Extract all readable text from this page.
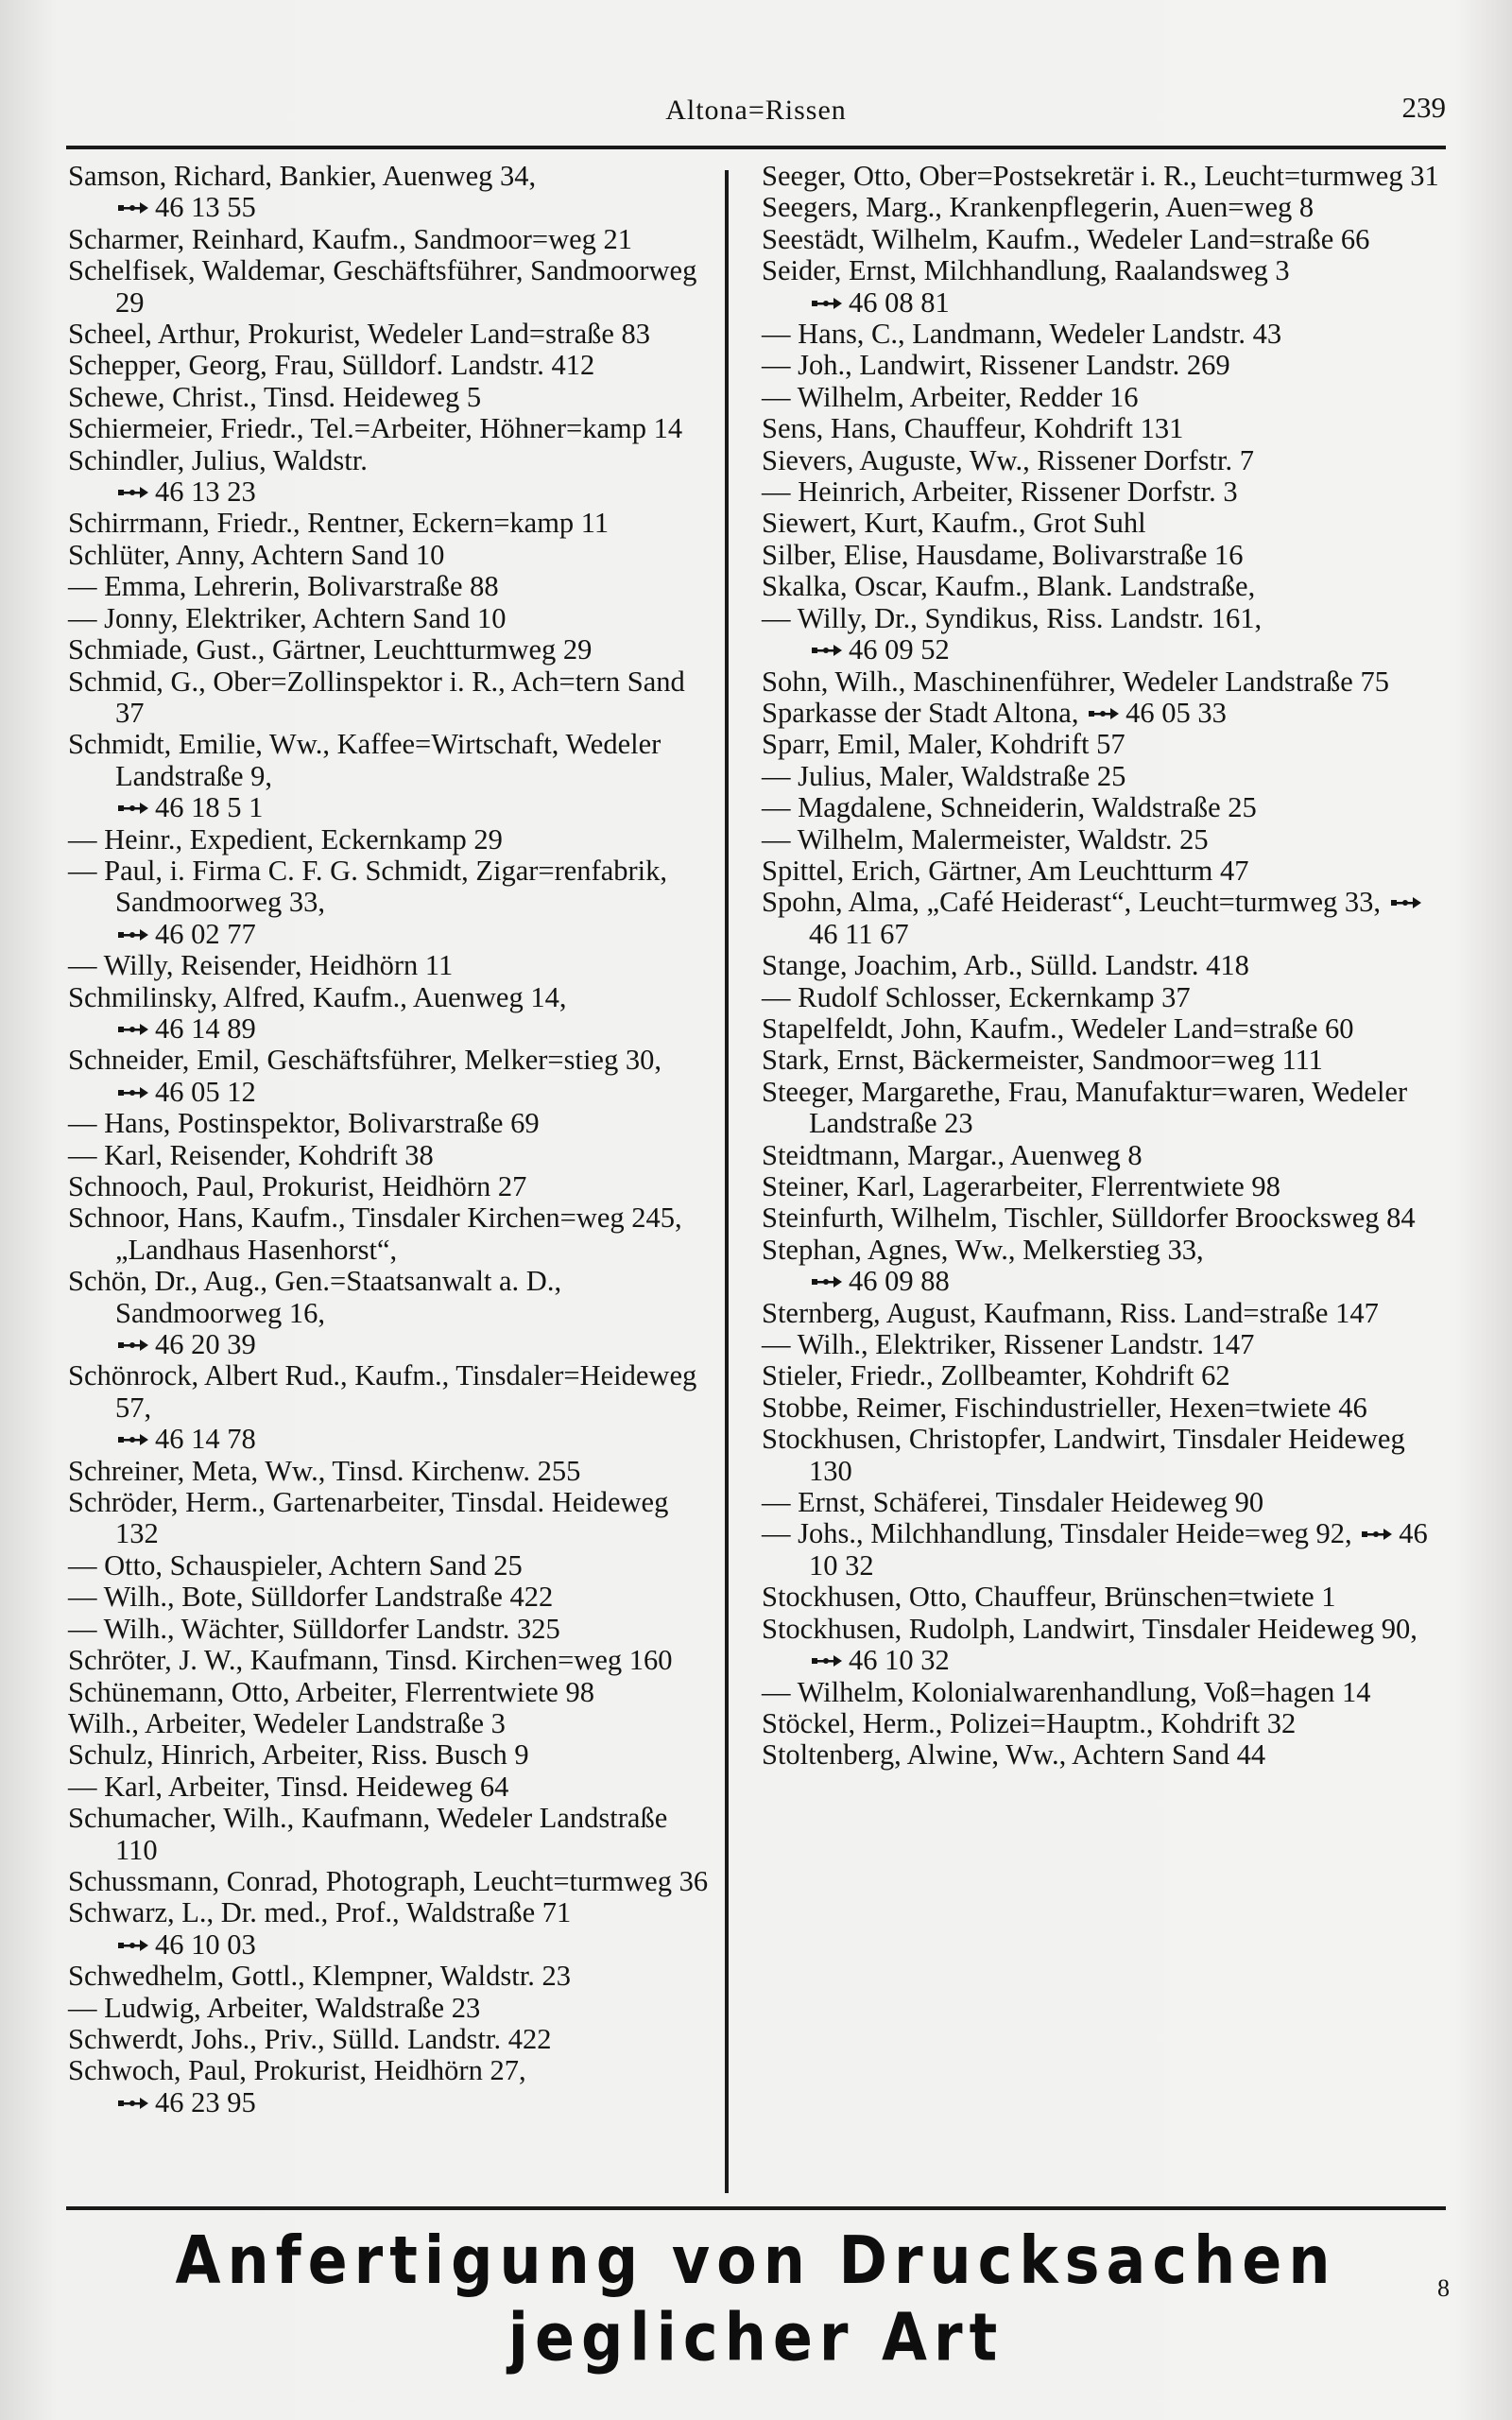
Altona=Rissen	239

Samson, Richard, Bankier, Auenweg 34,

46 13 55

Scharmer, Reinhard, Kaufm., Sandmoor=weg 21

Schelfisek, Waldemar, Geschäftsführer, Sandmoorweg 29

Scheel, Arthur, Prokurist, Wedeler Land=straße 83

Schepper, Georg, Frau, Sülldorf. Landstr. 412

Schewe, Christ., Tinsd. Heideweg 5

Schiermeier, Friedr., Tel.=Arbeiter, Höhner=kamp 14

Schindler, Julius, Waldstr.

46 13 23

Schirrmann, Friedr., Rentner, Eckern=kamp 11

Schlüter, Anny, Achtern Sand 10

— Emma, Lehrerin, Bolivarstraße 88

— Jonny, Elektriker, Achtern Sand 10

Schmiade, Gust., Gärtner, Leuchtturmweg 29

Schmid, G., Ober=Zollinspektor i. R., Ach=tern Sand 37

Schmidt, Emilie, Ww., Kaffee=Wirtschaft, Wedeler Landstraße 9,

46 18 5 1

— Heinr., Expedient, Eckernkamp 29

— Paul, i. Firma C. F. G. Schmidt, Zigar=renfabrik, Sandmoorweg 33,

46 02 77

— Willy, Reisender, Heidhörn 11

Schmilinsky, Alfred, Kaufm., Auenweg 14,

46 14 89

Schneider, Emil, Geschäftsführer, Melker=stieg 30,

46 05 12

— Hans, Postinspektor, Bolivarstraße 69

— Karl, Reisender, Kohdrift 38

Schnooch, Paul, Prokurist, Heidhörn 27

Schnoor, Hans, Kaufm., Tinsdaler Kirchen=weg 245, „Landhaus Hasenhorst“,

Schön, Dr., Aug., Gen.=Staatsanwalt a. D., Sandmoorweg 16,

46 20 39

Schönrock, Albert Rud., Kaufm., Tinsdaler=Heideweg 57,

46 14 78

Schreiner, Meta, Ww., Tinsd. Kirchenw. 255

Schröder, Herm., Gartenarbeiter, Tinsdal. Heideweg 132

— Otto, Schauspieler, Achtern Sand 25

— Wilh., Bote, Sülldorfer Landstraße 422

— Wilh., Wächter, Sülldorfer Landstr. 325

Schröter, J. W., Kaufmann, Tinsd. Kirchen=weg 160

Schünemann, Otto, Arbeiter, Flerrentwiete 98

Wilh., Arbeiter, Wedeler Landstraße 3

Schulz, Hinrich, Arbeiter, Riss. Busch 9

— Karl, Arbeiter, Tinsd. Heideweg 64

Schumacher, Wilh., Kaufmann, Wedeler Landstraße 110

Schussmann, Conrad, Photograph, Leucht=turmweg 36

Schwarz, L., Dr. med., Prof., Waldstraße 71

46 10 03

Schwedhelm, Gottl., Klempner, Waldstr. 23

— Ludwig, Arbeiter, Waldstraße 23

Schwerdt, Johs., Priv., Sülld. Landstr. 422

Schwoch, Paul, Prokurist, Heidhörn 27,

46 23 95

Seeger, Otto, Ober=Postsekretär i. R., Leucht=turmweg 31

Seegers, Marg., Krankenpflegerin, Auen=weg 8

Seestädt, Wilhelm, Kaufm., Wedeler Land=straße 66

Seider, Ernst, Milchhandlung, Raalandsweg 3

46 08 81

— Hans, C., Landmann, Wedeler Landstr. 43

— Joh., Landwirt, Rissener Landstr. 269

— Wilhelm, Arbeiter, Redder 16

Sens, Hans, Chauffeur, Kohdrift 131

Sievers, Auguste, Ww., Rissener Dorfstr. 7

— Heinrich, Arbeiter, Rissener Dorfstr. 3

Siewert, Kurt, Kaufm., Grot Suhl

Silber, Elise, Hausdame, Bolivarstraße 16

Skalka, Oscar, Kaufm., Blank. Landstraße,

— Willy, Dr., Syndikus, Riss. Landstr. 161,

46 09 52

Sohn, Wilh., Maschinenführer, Wedeler Landstraße 75

Sparkasse der Stadt Altona, 46 05 33

Sparr, Emil, Maler, Kohdrift 57

— Julius, Maler, Waldstraße 25

— Magdalene, Schneiderin, Waldstraße 25

— Wilhelm, Malermeister, Waldstr. 25

Spittel, Erich, Gärtner, Am Leuchtturm 47

Spohn, Alma, „Café Heiderast“, Leucht=turmweg 33,
46 11 67

Stange, Joachim, Arb., Sülld. Landstr. 418

— Rudolf Schlosser, Eckernkamp 37

Stapelfeldt, John, Kaufm., Wedeler Land=straße 60

Stark, Ernst, Bäckermeister, Sandmoor=weg 111

Steeger, Margarethe, Frau, Manufaktur=waren, Wedeler Landstraße 23

Steidtmann, Margar., Auenweg 8

Steiner, Karl, Lagerarbeiter, Flerrentwiete 98

Steinfurth, Wilhelm, Tischler, Sülldorfer Broocksweg 84

Stephan, Agnes, Ww., Melkerstieg 33,

46 09 88

Sternberg, August, Kaufmann, Riss. Land=straße 147

— Wilh., Elektriker, Rissener Landstr. 147

Stieler, Friedr., Zollbeamter, Kohdrift 62

Stobbe, Reimer, Fischindustrieller, Hexen=twiete 46

Stockhusen, Christopfer, Landwirt, Tinsdaler Heideweg 130

— Ernst, Schäferei, Tinsdaler Heideweg 90

— Johs., Milchhandlung, Tinsdaler Heide=weg 92, 46 10 32

Stockhusen, Otto, Chauffeur, Brünschen=twiete 1

Stockhusen, Rudolph, Landwirt, Tinsdaler Heideweg 90,
46 10 32

— Wilhelm, Kolonialwarenhandlung, Voß=hagen 14

Stöckel, Herm., Polizei=Hauptm., Kohdrift 32

Stoltenberg, Alwine, Ww., Achtern Sand 44

Anfertigung von Drucksachen jeglicher Art
8
